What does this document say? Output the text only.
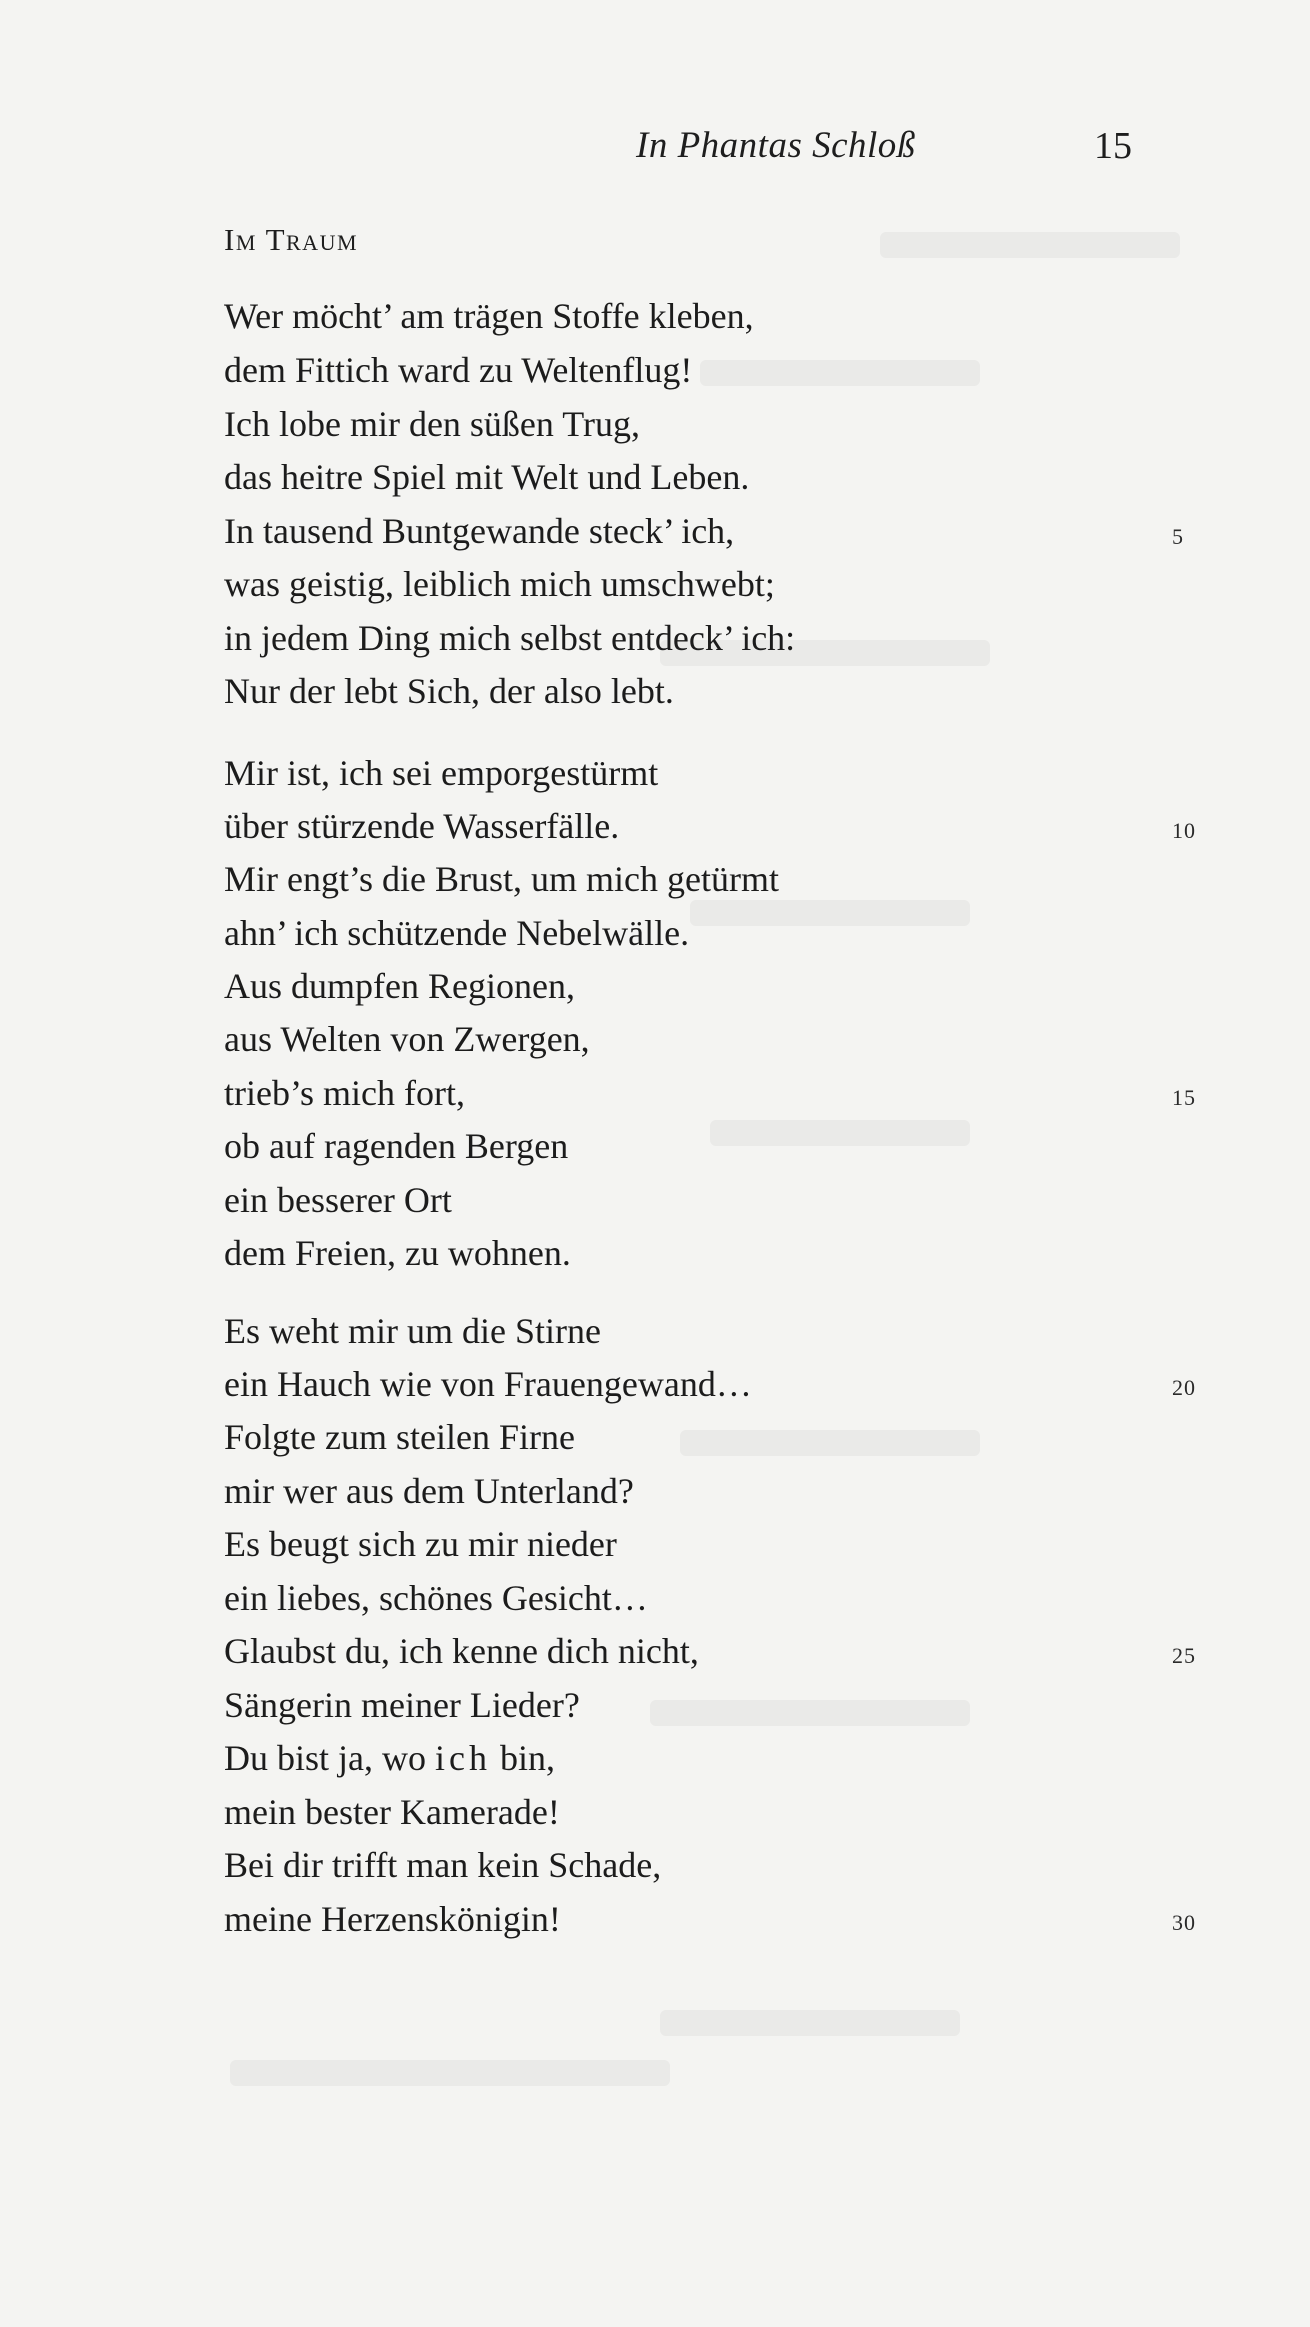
In Phantas Schloß	15
Im Traum
Wer möcht’ am trägen Stoffe kleben,
dem Fittich ward zu Weltenflug!
Ich lobe mir den süßen Trug,
das heitre Spiel mit Welt und Leben.
In tausend Buntgewande steck’ ich,
was geistig, leiblich mich umschwebt;
in jedem Ding mich selbst entdeck’ ich:
Nur der lebt Sich, der also lebt.
Mir ist, ich sei emporgestürmt
über stürzende Wasserfälle.
Mir engt’s die Brust, um mich getürmt
ahn’ ich schützende Nebelwälle.
Aus dumpfen Regionen,
aus Welten von Zwergen,
trieb’s mich fort,
ob auf ragenden Bergen
ein besserer Ort
dem Freien, zu wohnen.
Es weht mir um die Stirne
ein Hauch wie von Frauengewand…
Folgte zum steilen Firne
mir wer aus dem Unterland?
Es beugt sich zu mir nieder
ein liebes, schönes Gesicht…
Glaubst du, ich kenne dich nicht,
Sängerin meiner Lieder?
Du bist ja, wo ich bin,
mein bester Kamerade!
Bei dir trifft man kein Schade,
meine Herzenskönigin!
5
10
15
20
25
30
